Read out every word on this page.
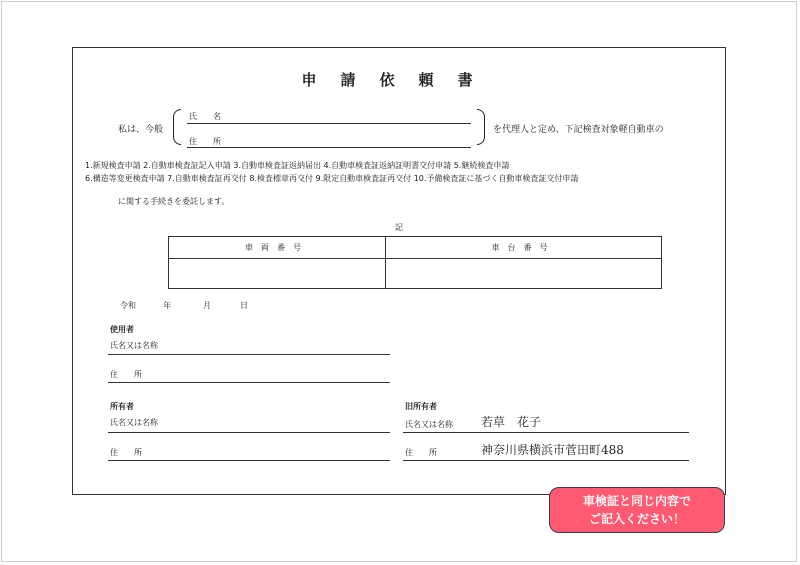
申請依頼書
私は、今般
氏　　名
住　　所
を代理人と定め、下記検査対象軽自動車の
1.新規検査申請 2.自動車検査証記入申請 3.自動車検査証返納届出 4.自動車検査証返納証明書交付申請 5.継続検査申請
6.構造等変更検査申請 7.自動車検査証再交付 8.検査標章再交付 9.限定自動車検査証再交付 10.予備検査証に基づく自動車検査証交付申請
に関する手続きを委託します。
記
車両番号	車台番号

令和	年	月	日
使用者
氏名又は名称
住　　所
所有者
氏名又は名称
住　　所
旧所有者
氏名又は名称 若草　花子
住　　所	神奈川県横浜市菅田町488
車検証と同じ内容で
ご記入ください！
